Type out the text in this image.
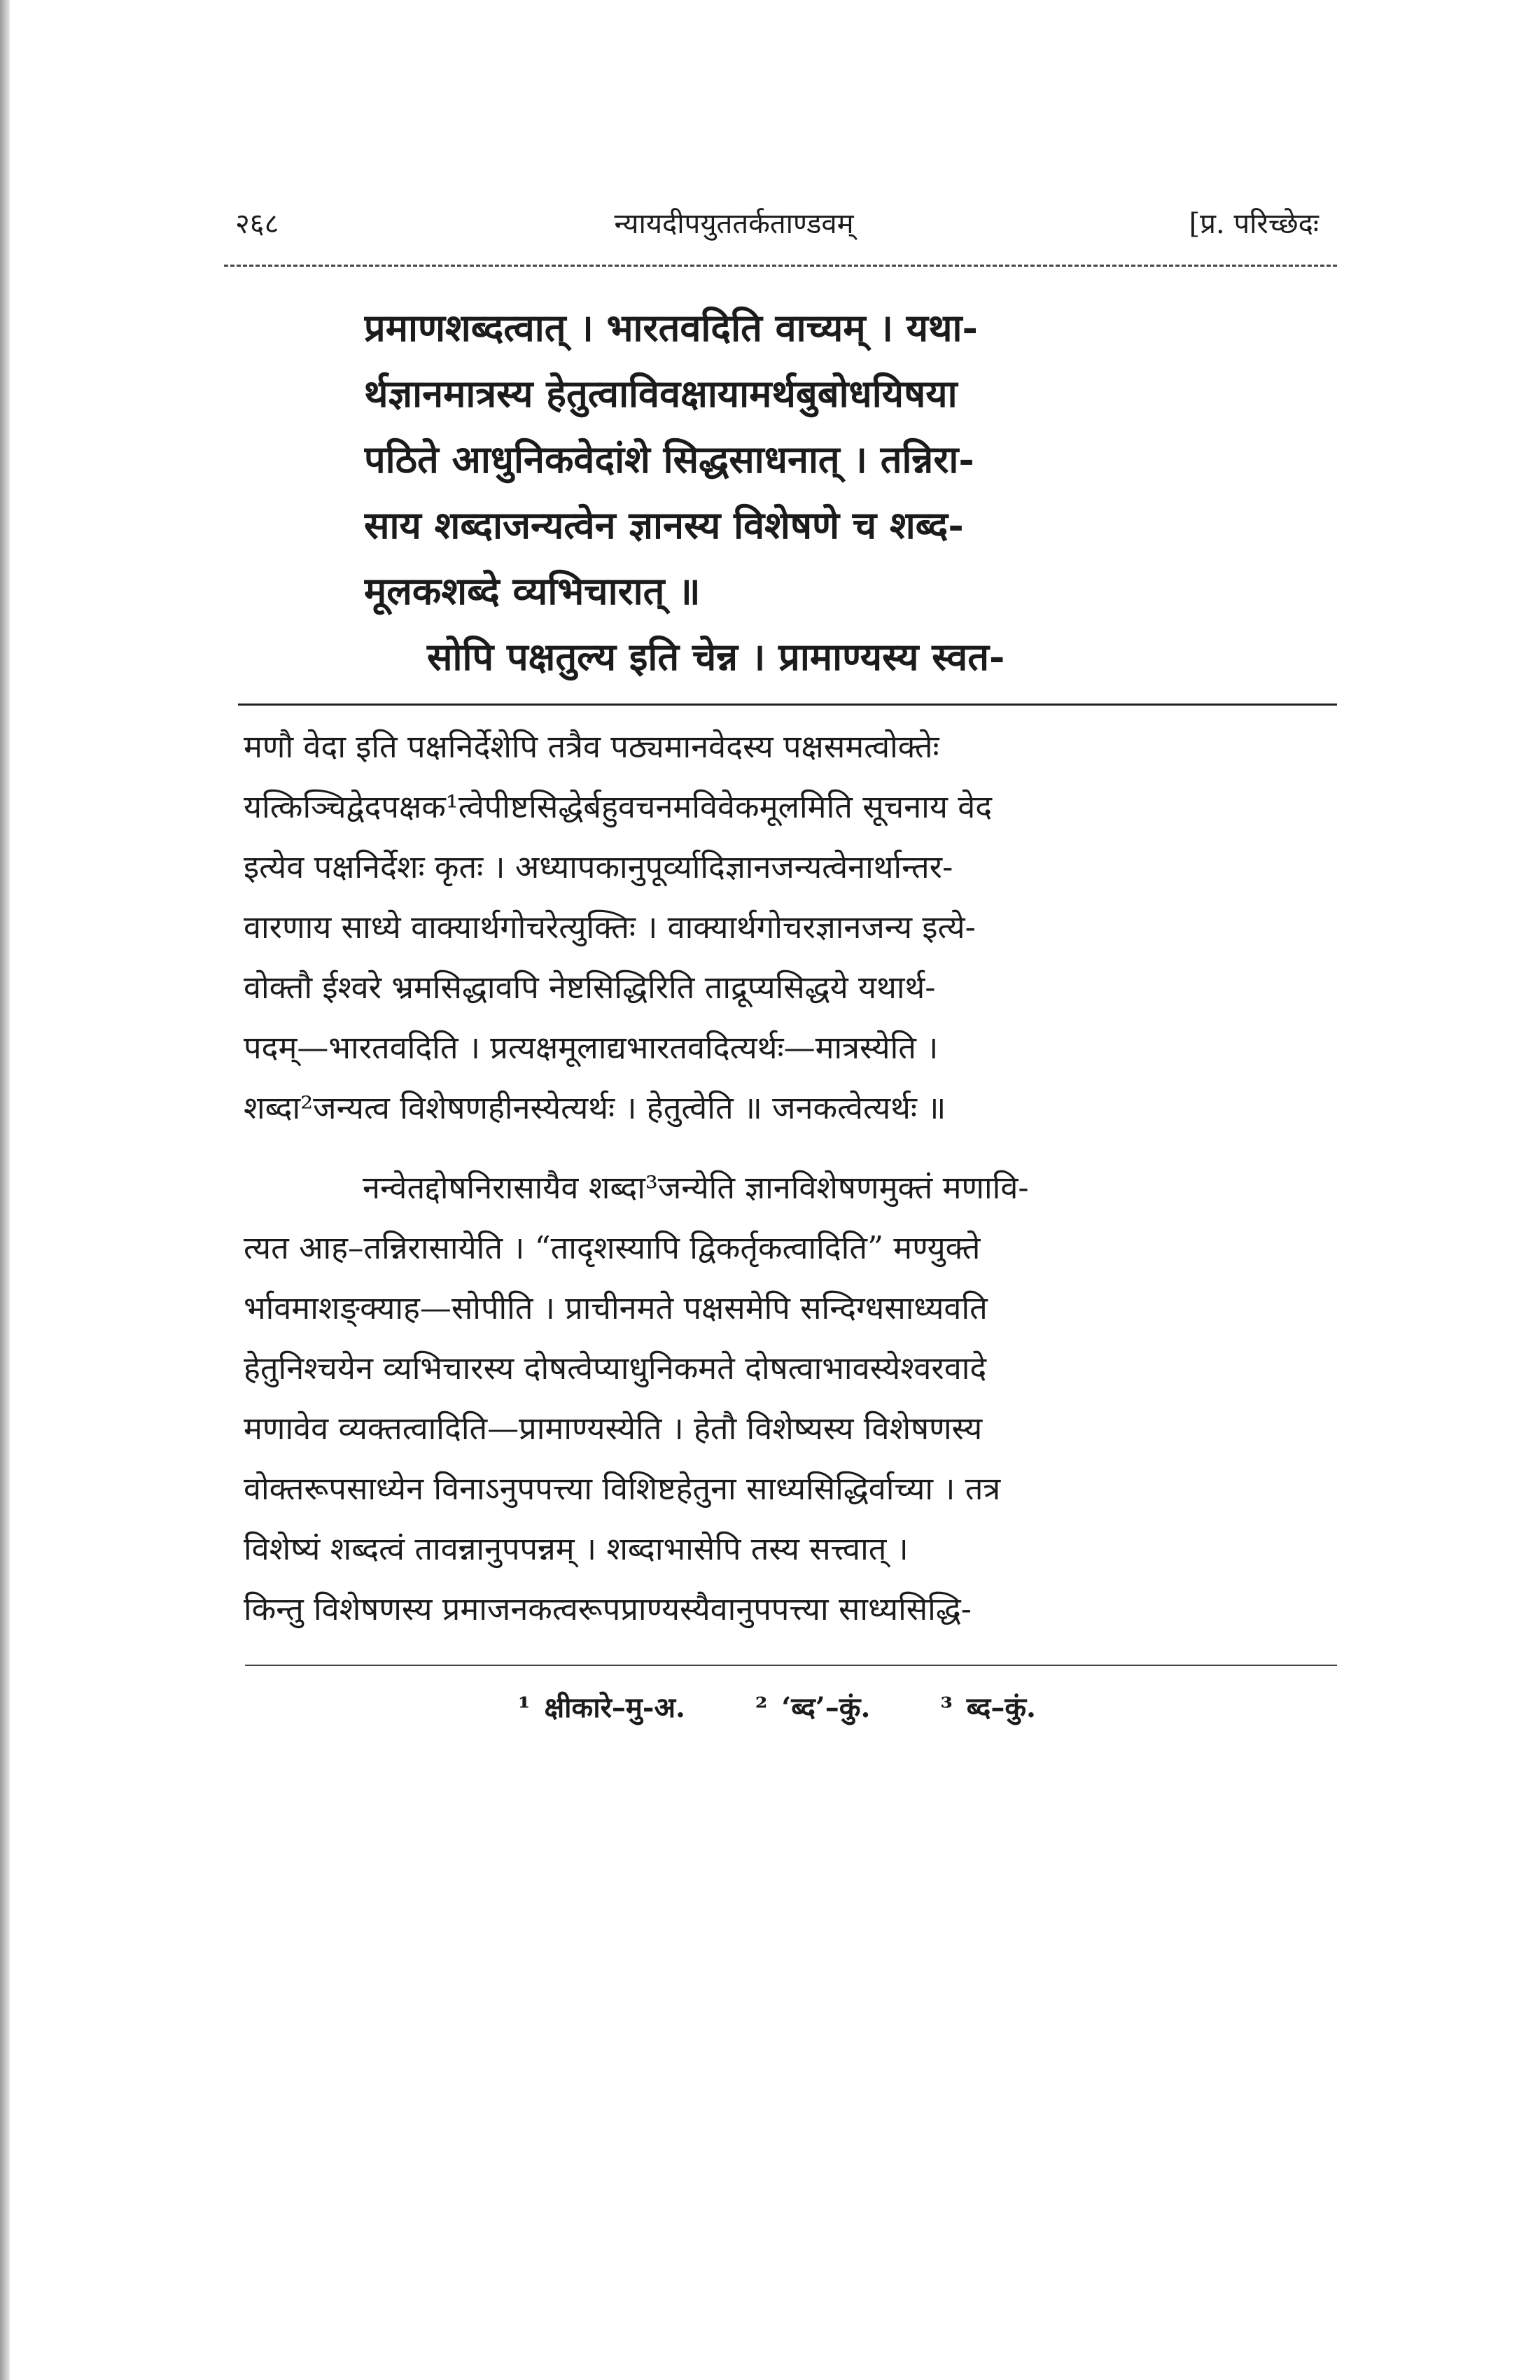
२६८	न्यायदीपयुततर्कताण्डवम्	[प्र. परिच्छेदः
प्रमाणशब्दत्वात् । भारतवदिति वाच्यम् । यथा-
र्थज्ञानमात्रस्य हेतुत्वाविवक्षायामर्थबुबोधयिषया
पठिते आधुनिकवेदांशे सिद्धसाधनात् । तन्निरा-
साय शब्दाजन्यत्वेन ज्ञानस्य विशेषणे च शब्द-
मूलकशब्दे व्यभिचारात् ॥
सोपि पक्षतुल्य इति चेन्न । प्रामाण्यस्य स्वत-
मणौ वेदा इति पक्षनिर्देशेपि तत्रैव पठ्यमानवेदस्य पक्षसमत्वोक्तेः
यत्किञ्चिद्वेदपक्षक¹त्वेपीष्टसिद्धेर्बहुवचनमविवेकमूलमिति सूचनाय वेद
इत्येव पक्षनिर्देशः कृतः । अध्यापकानुपूर्व्यादिज्ञानजन्यत्वेनार्थान्तर-
वारणाय साध्ये वाक्यार्थगोचरेत्युक्तिः । वाक्यार्थगोचरज्ञानजन्य इत्ये-
वोक्तौ ईश्वरे भ्रमसिद्धावपि नेष्टसिद्धिरिति ताद्रूप्यसिद्धये यथार्थ-
पदम्—भारतवदिति । प्रत्यक्षमूलाद्यभारतवदित्यर्थः—मात्रस्येति ।
शब्दा²जन्यत्व विशेषणहीनस्येत्यर्थः । हेतुत्वेति ॥ जनकत्वेत्यर्थः ॥
नन्वेतद्दोषनिरासायैव शब्दा³जन्येति ज्ञानविशेषणमुक्तं मणावि-
त्यत आह–तन्निरासायेति । “तादृशस्यापि द्विकर्तृकत्वादिति” मण्युक्ते
र्भावमाशङ्क्याह—सोपीति । प्राचीनमते पक्षसमेपि सन्दिग्धसाध्यवति
हेतुनिश्चयेन व्यभिचारस्य दोषत्वेप्याधुनिकमते दोषत्वाभावस्येश्वरवादे
मणावेव व्यक्तत्वादिति—प्रामाण्यस्येति । हेतौ विशेष्यस्य विशेषणस्य
वोक्तरूपसाध्येन विनाऽनुपपत्त्या विशिष्टहेतुना साध्यसिद्धिर्वाच्या । तत्र
विशेष्यं शब्दत्वं तावन्नानुपपन्नम् । शब्दाभासेपि तस्य सत्त्वात् ।
किन्तु विशेषणस्य प्रमाजनकत्वरूपप्राण्यस्यैवानुपपत्त्या साध्यसिद्धि-
¹ क्षीकारे–मु-अ. ² ‘ब्द’–कुं. ³ ब्द–कुं.
